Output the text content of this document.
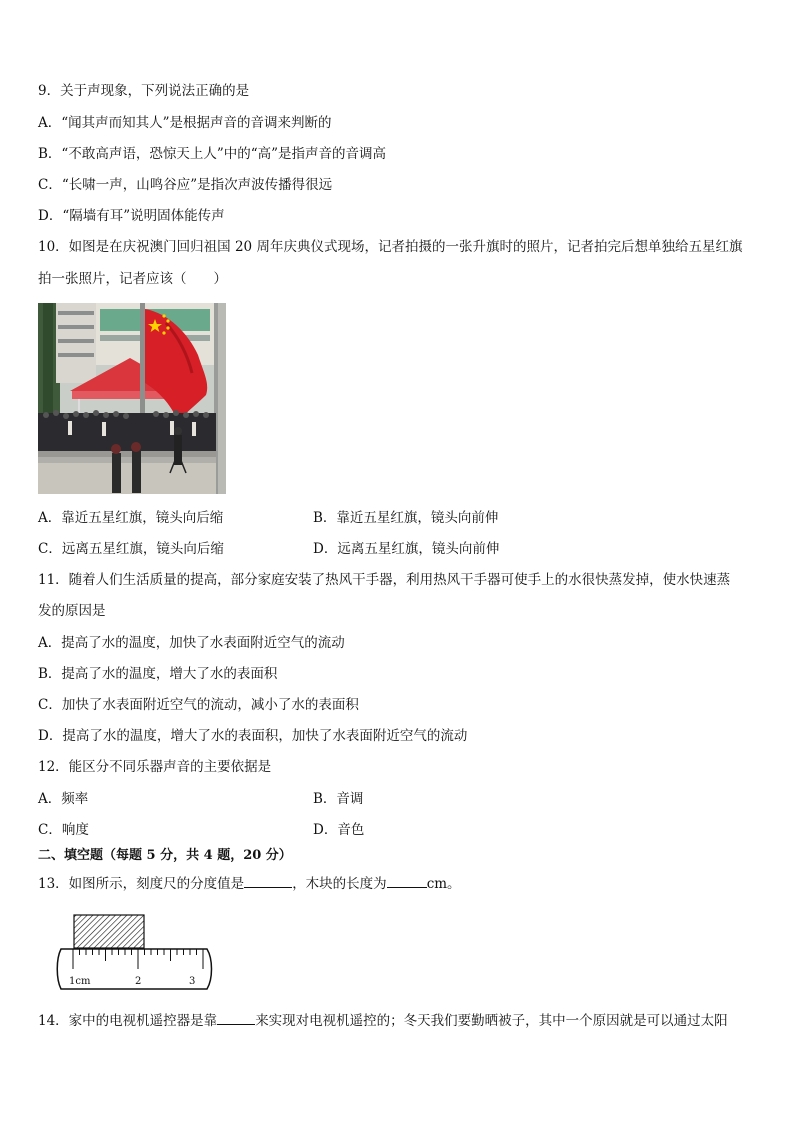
9．关于声现象，下列说法正确的是
A．“闻其声而知其人”是根据声音的音调来判断的
B．“不敢高声语，恐惊天上人”中的“高”是指声音的音调高
C．“长啸一声，山鸣谷应”是指次声波传播得很远
D．“隔墙有耳”说明固体能传声
10．如图是在庆祝澳门回归祖国 20 周年庆典仪式现场，记者拍摄的一张升旗时的照片，记者拍完后想单独给五星红旗
拍一张照片，记者应该（　　）
A．靠近五星红旗，镜头向后缩	B．靠近五星红旗，镜头向前伸
C．远离五星红旗，镜头向后缩	D．远离五星红旗，镜头向前伸
11．随着人们生活质量的提高，部分家庭安装了热风干手器，利用热风干手器可使手上的水很快蒸发掉，使水快速蒸
发的原因是
A．提高了水的温度，加快了水表面附近空气的流动
B．提高了水的温度，增大了水的表面积
C．加快了水表面附近空气的流动，减小了水的表面积
D．提高了水的温度，增大了水的表面积，加快了水表面附近空气的流动
12．能区分不同乐器声音的主要依据是
A．频率	B．音调
C．响度	D．音色
二、填空题（每题 5 分，共 4 题，20 分）
13．如图所示，刻度尺的分度值是	，木块的长度为	cm。
1cm	2	3
14．家中的电视机遥控器是靠	来实现对电视机遥控的；冬天我们要勤晒被子，其中一个原因就是可以通过太阳
